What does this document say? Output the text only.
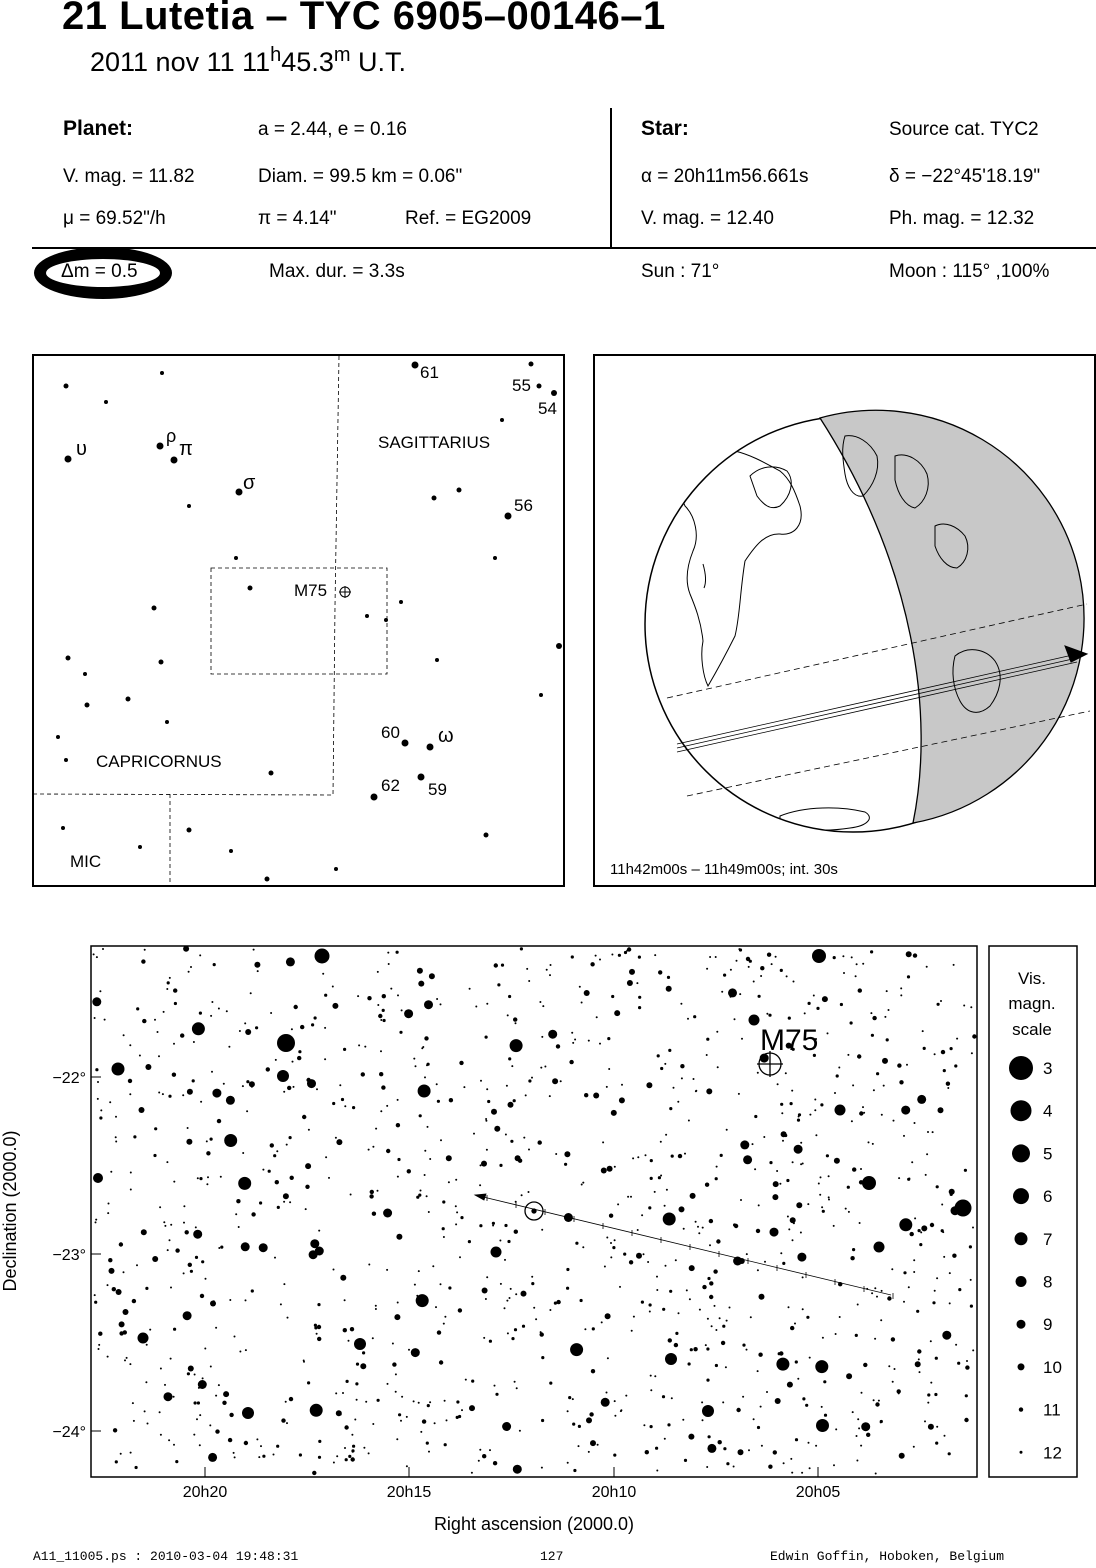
21 Lutetia – TYC 6905–00146–1
2011 nov 11 11$^h$45.3$^m$ U.T.
Planet:	a = 2.44, e = 0.16
V. mag. = 11.82	Diam. = 99.5 km = 0.06"
μ = 69.52"/h	π = 4.14"	Ref. = EG2009
Star:	Source cat. TYC2
α = 20h11m56.661s	δ = −22°45'18.19"
V. mag. = 12.40	Ph. mag. = 12.32
Δm = 0.5	Max. dur. = 3.3s	Sun : 71°	Moon : 115° ,100%
61
55
54
SAGITTARIUS
56
υ
ρ
π
σ
M75
60 ω
CAPRICORNUS
62 59
MIC	11h42m00s – 11h49m00s; int. 30s
M75
20h20	20h15	20h10	20h05
−22°
−23°
−24°
Right ascension (2000.0)
Declination (2000.0)
Vis.
magn.
scale
3
4
5
6
7
8
9
10
11
12
A11_11005.ps : 2010-03-04 19:48:31	127	Edwin Goffin, Hoboken, Belgium
